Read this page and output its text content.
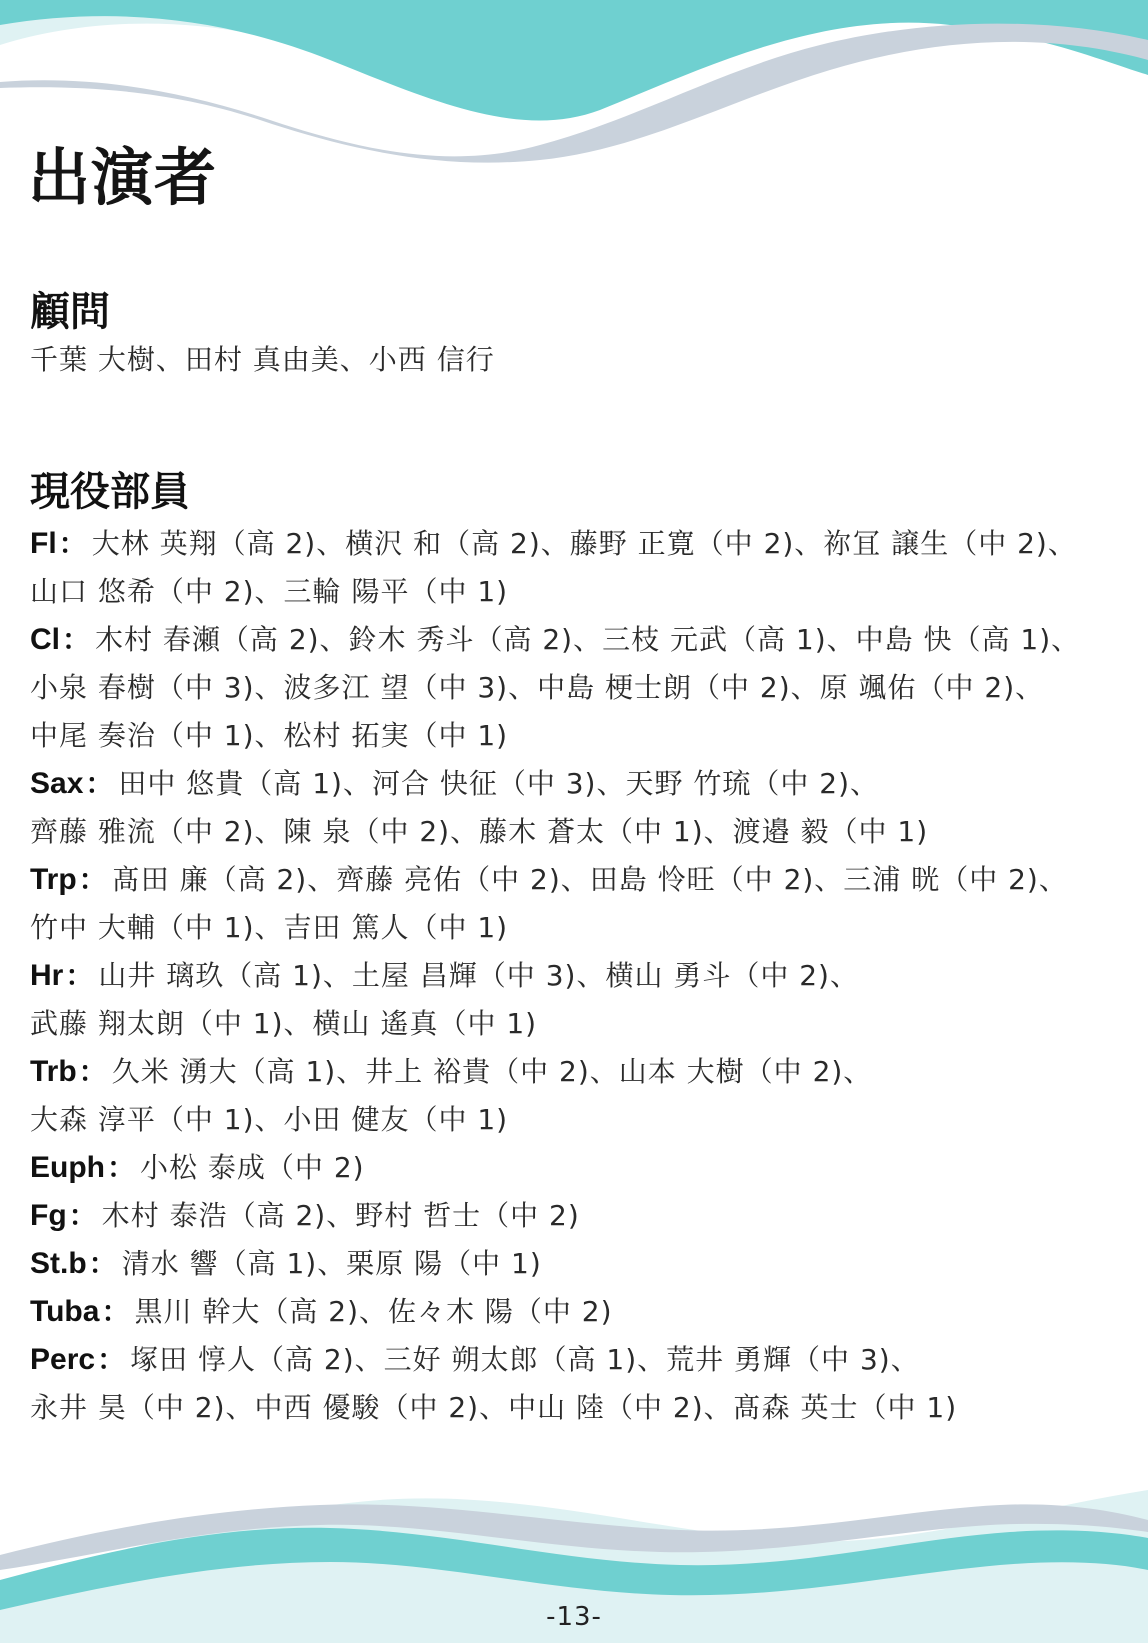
出演者
顧問

千葉 大樹、田村 真由美、小西 信行

現役部員
Fl： 大林 英翔（高 2)、横沢 和（高 2)、藤野 正寛（中 2)、祢冝 譲生（中 2)、
山口 悠希（中 2)、三輪 陽平（中 1)
Cl： 木村 春瀬（高 2)、鈴木 秀斗（高 2)、三枝 元武（高 1)、中島 快（高 1)、
小泉 春樹（中 3)、波多江 望（中 3)、中島 梗士朗（中 2)、原 颯佑（中 2)、
中尾 奏治（中 1)、松村 拓実（中 1)
Sax： 田中 悠貴（高 1)、河合 快征（中 3)、天野 竹琉（中 2)、
齊藤 雅流（中 2)、陳 泉（中 2)、藤木 蒼太（中 1)、渡邉 毅（中 1)
Trp： 髙田 廉（高 2)、齊藤 亮佑（中 2)、田島 怜旺（中 2)、三浦 晄（中 2)、
竹中 大輔（中 1)、吉田 篤人（中 1)
Hr： 山井 璃玖（高 1)、土屋 昌輝（中 3)、横山 勇斗（中 2)、
武藤 翔太朗（中 1)、横山 遙真（中 1)
Trb： 久米 湧大（高 1)、井上 裕貴（中 2)、山本 大樹（中 2)、
大森 淳平（中 1)、小田 健友（中 1)
Euph： 小松 泰成（中 2)
Fg： 木村 泰浩（高 2)、野村 哲士（中 2)
St.b： 清水 響（高 1)、栗原 陽（中 1)
Tuba： 黒川 幹大（高 2)、佐々木 陽（中 2)
Perc： 塚田 惇人（高 2)、三好 朔太郎（高 1)、荒井 勇輝（中 3)、
永井 昊（中 2)、中西 優駿（中 2)、中山 陸（中 2)、髙森 英士（中 1)
-13-
